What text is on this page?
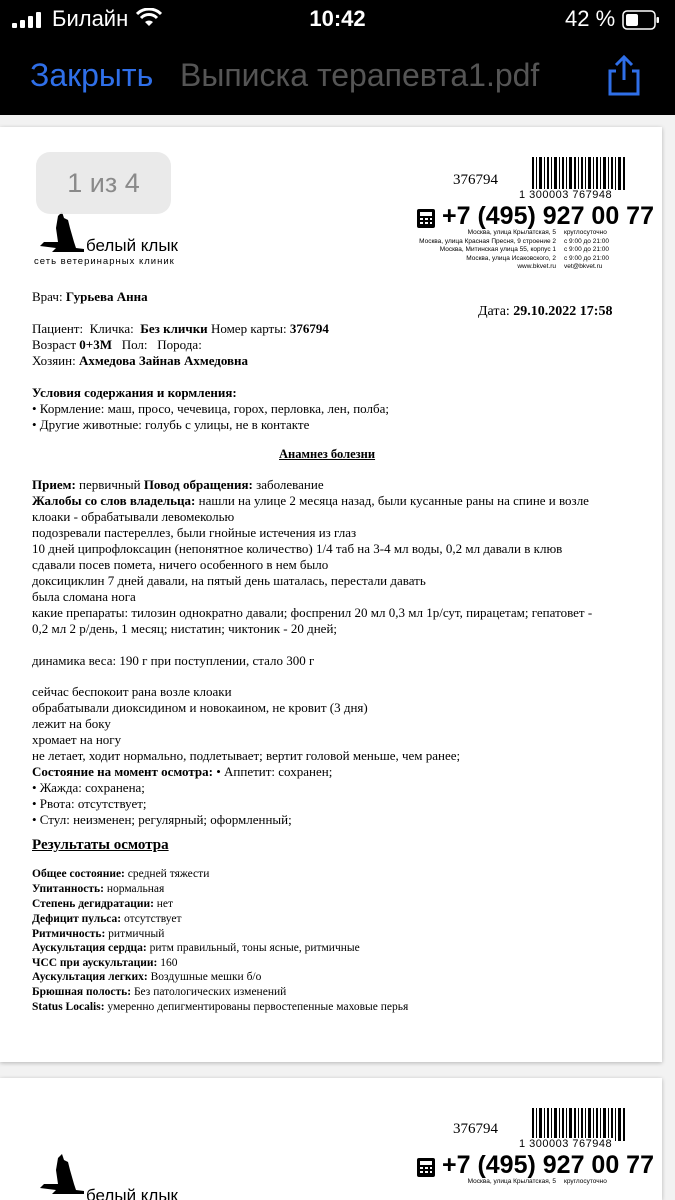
Билайн	10:42	42 %
Закрыть Выписка терапевта1.pdf
376794
1 300003 767948
+7 (495) 927 00 77
Москва, улица Крылатская, 5	круглосуточно
Москва, улица Красная Пресня, 9 строение 2	с 9:00 до 21:00
Москва, Митинская улица 55, корпус 1	с 9:00 до 21:00
Москва, улица Исаковского, 2	с 9:00 до 21:00
www.bkvet.ru	vet@bkvet.ru
белый клык
сеть ветеринарных клиник
Врач: Гурьева Анна
Дата: 29.10.2022 17:58
Пациент: Кличка: Без клички Номер карты: 376794
Возраст 0+3М Пол: Порода:
Хозяин: Ахмедова Зайнав Ахмедовна
Условия содержания и кормления:
• Кормление: маш, просо, чечевица, горох, перловка, лен, полба;
• Другие животные: голубь с улицы, не в контакте
Анамнез болезни
Прием: первичный Повод обращения: заболевание
Жалобы со слов владельца: нашли на улице 2 месяца назад, были кусанные раны на спине и возле
клоаки - обрабатывали левомеколью
подозревали пастереллез, были гнойные истечения из глаз
10 дней ципрофлоксацин (непонятное количество) 1/4 таб на 3-4 мл воды, 0,2 мл давали в клюв
сдавали посев помета, ничего особенного в нем было
доксициклин 7 дней давали, на пятый день шаталась, перестали давать
была сломана нога
какие препараты: тилозин однократно давали; фоспренил 20 мл 0,3 мл 1р/сут, пирацетам; гепатовет -
0,2 мл 2 р/день, 1 месяц; нистатин; чиктоник - 20 дней;
динамика веса: 190 г при поступлении, стало 300 г
сейчас беспокоит рана возле клоаки
обрабатывали диоксидином и новокаином, не кровит (3 дня)
лежит на боку
хромает на ногу
не летает, ходит нормально, подлетывает; вертит головой меньше, чем ранее;
Состояние на момент осмотра: • Аппетит: сохранен;
• Жажда: сохранена;
• Рвота: отсутствует;
• Стул: неизменен; регулярный; оформленный;
Результаты осмотра
Общее состояние: средней тяжести
Упитанность: нормальная
Степень дегидратации: нет
Дефицит пульса: отсутствует
Ритмичность: ритмичный
Аускультация сердца: ритм правильный, тоны ясные, ритмичные
ЧСС при аускультации: 160
Аускультация легких: Воздушные мешки б/о
Брюшная полость: Без патологических изменений
Status Localis: умеренно депигментированы первостепенные маховые перья
1 из 4
376794
1 300003 767948
+7 (495) 927 00 77
Москва, улица Крылатская, 5	круглосуточно
белый клык
